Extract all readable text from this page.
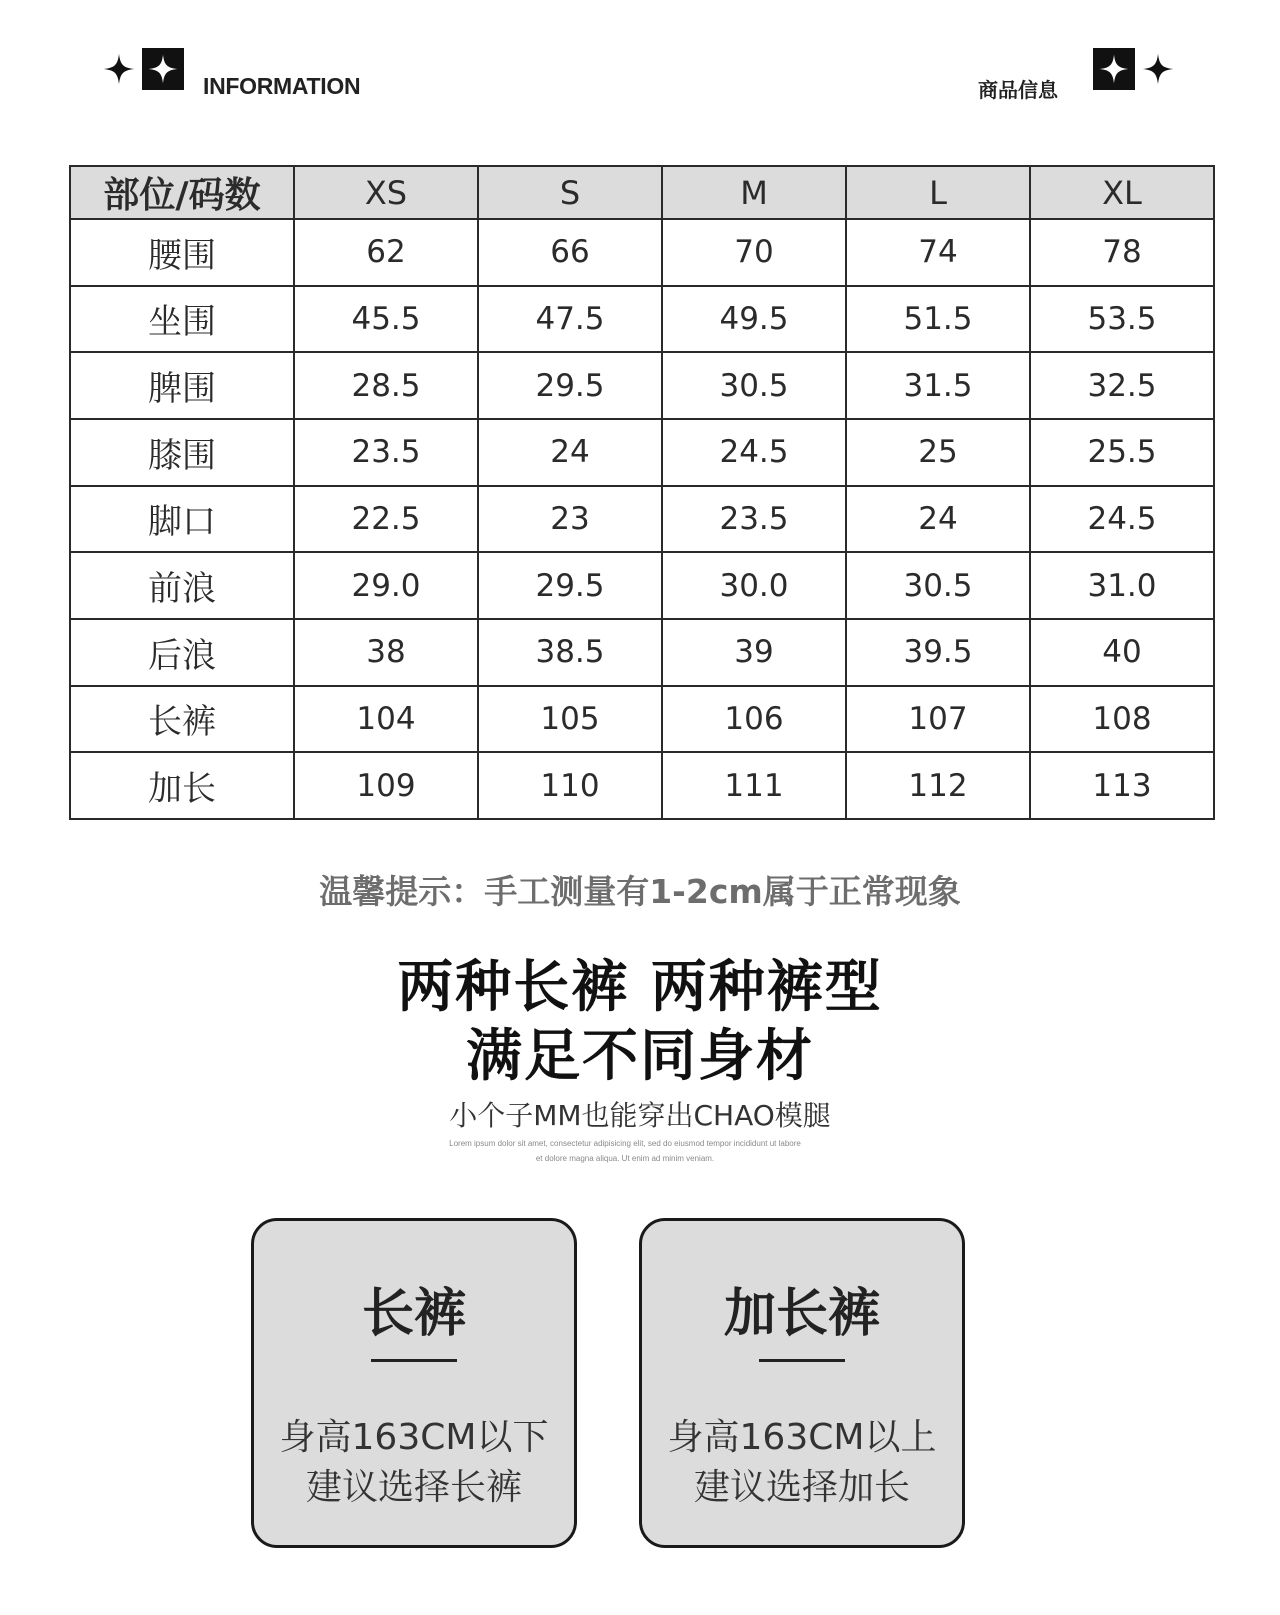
INFORMATION	商品信息
部位/码数	XS	S	M	L	XL
腰围	62	66	70	74	78
坐围	45.5	47.5	49.5	51.5	53.5
脾围	28.5	29.5	30.5	31.5	32.5
膝围	23.5	24	24.5	25	25.5
脚口	22.5	23	23.5	24	24.5
前浪	29.0	29.5	30.0	30.5	31.0
后浪	38	38.5	39	39.5	40
长裤	104	105	106	107	108
加长	109	110	111	112	113
温馨提示：手工测量有1-2cm属于正常现象
两种长裤 两种裤型
满足不同身材
小个子MM也能穿出CHAO模腿
Lorem ipsum dolor sit amet, consectetur adipisicing elit, sed do eiusmod tempor incididunt ut labore
et dolore magna aliqua. Ut enim ad minim veniam.
长裤
身高163CM以下
建议选择长裤
加长裤
身高163CM以上
建议选择加长
